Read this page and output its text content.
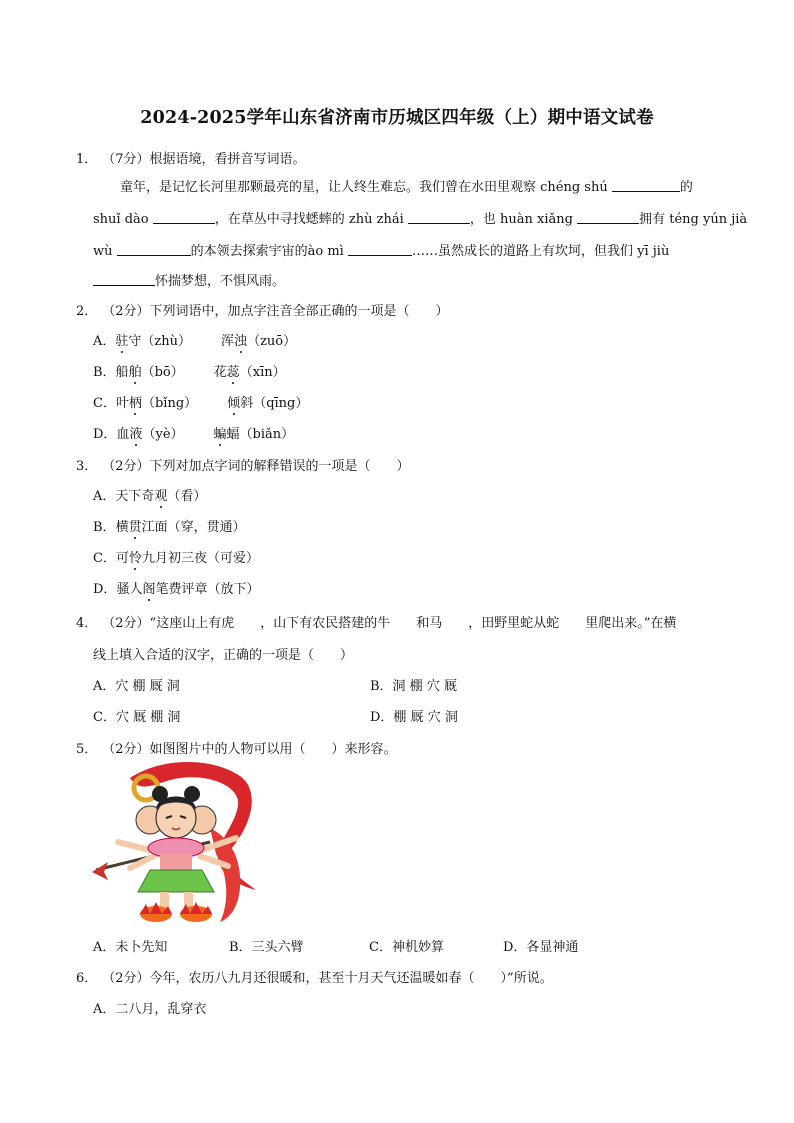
2024-2025学年山东省济南市历城区四年级（上）期中语文试卷
1． （7分）根据语境，看拼音写词语。
童年，是记忆长河里那颗最亮的星，让人终生难忘。我们曾在水田里观察 chéng shú	的
shuǐ dào	，在草丛中寻找蟋蟀的 zhù zhái	，也 huàn xiǎng	拥有 téng yún jià
wù	的本领去探索宇宙的ào mì	……虽然成长的道路上有坎坷，但我们 yī jiù
怀揣梦想，不惧风雨。
2． （2分）下列词语中，加点字注音全部正确的一项是（　　）
A．驻守（zhù） 浑浊（zuō）
B．船舶（bō） 花蕊（xīn）
C．叶柄（bǐng） 倾斜（qīng）
D．血液（yè） 蝙蝠（biǎn）
3． （2分）下列对加点字词的解释错误的一项是（　　）
A．天下奇观（看）
B．横贯江面（穿，贯通）
C．可怜九月初三夜（可爱）
D．骚人阁笔费评章（放下）
4． （2分）“这座山上有虎 ，山下有农民搭建的牛 和马 ，田野里蛇从蛇 里爬出来。”在横
线上填入合适的汉字，正确的一项是（　　）
A．穴 棚 厩 洞	B．洞 棚 穴 厩
C．穴 厩 棚 洞	D．棚 厩 穴 洞
5． （2分）如图图片中的人物可以用（　　）来形容。
A．未卜先知	B．三头六臂	C．神机妙算	D．各显神通
6． （2分）今年，农历八九月还很暖和，甚至十月天气还温暖如春（　　）”所说。
A．二八月，乱穿衣
